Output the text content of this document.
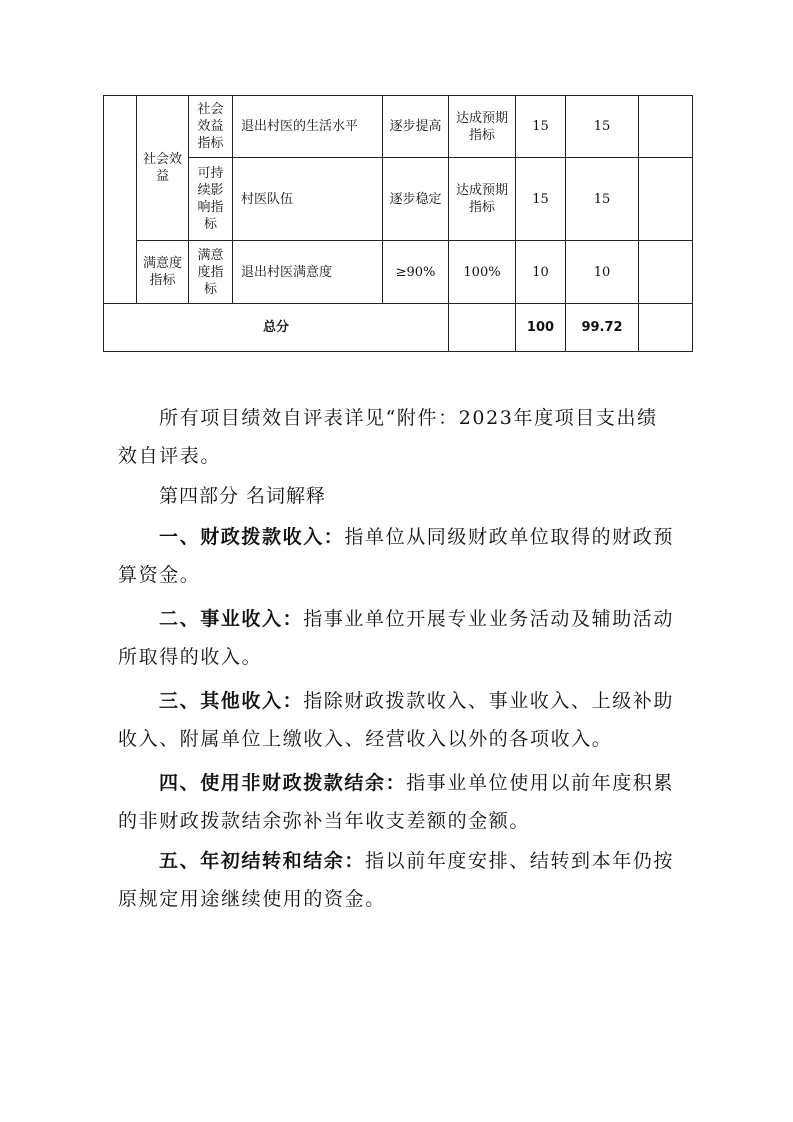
	社会效益	社会效益指标	退出村医的生活水平	逐步提高	达成预期指标	15	15	
		可持续影响指标	村医队伍	逐步稳定	达成预期指标	15	15	
	满意度指标	满意度指标	退出村医满意度	≥90%	100%	10	10	
总分						100	99.72	

所有项目绩效自评表详见“附件：2023年度项目支出绩效自评表。

第四部分 名词解释

一、财政拨款收入：指单位从同级财政单位取得的财政预算资金。

二、事业收入：指事业单位开展专业业务活动及辅助活动所取得的收入。

三、其他收入：指除财政拨款收入、事业收入、上级补助收入、附属单位上缴收入、经营收入以外的各项收入。

四、使用非财政拨款结余：指事业单位使用以前年度积累的非财政拨款结余弥补当年收支差额的金额。

五、年初结转和结余：指以前年度安排、结转到本年仍按原规定用途继续使用的资金。
